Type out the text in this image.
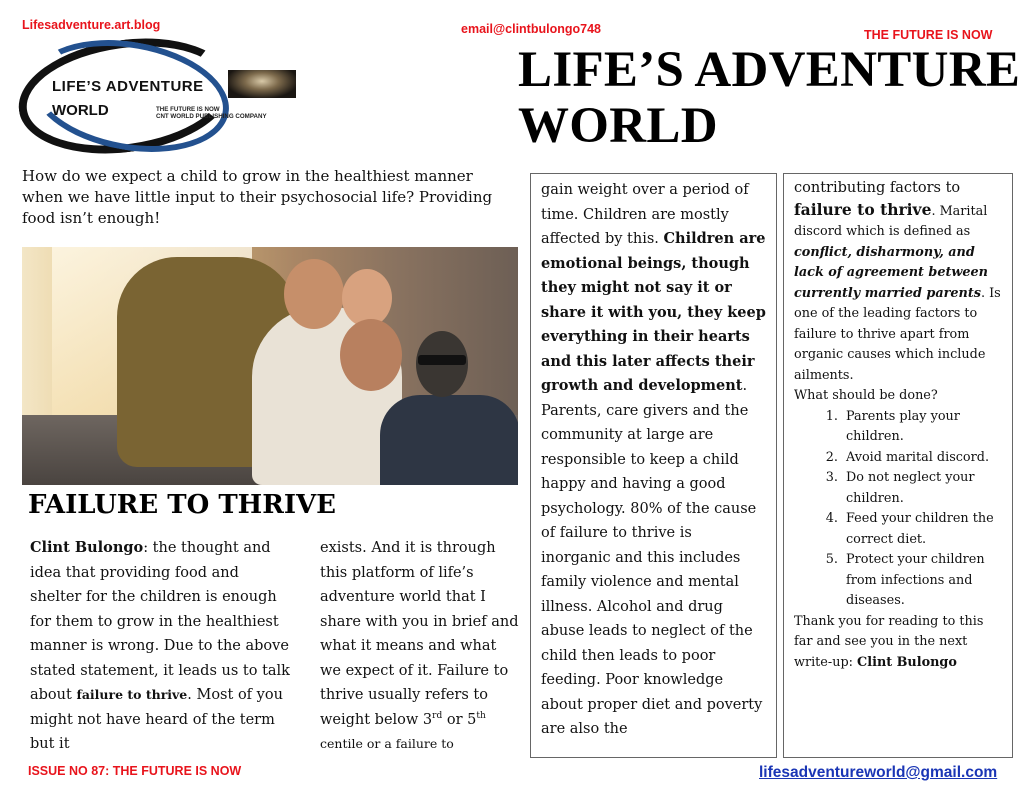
Lifesadventure.art.blog	email@clintbulongo748	THE FUTURE IS NOW
LIFE’S ADVENTURE
WORLD	THE FUTURE IS NOW
CNT WORLD PUBLISHING COMPANY
LIFE’S ADVENTURE
WORLD
How do we expect a child to grow in the healthiest manner when we have little input to their psychosocial life? Providing food isn’t enough!
FAILURE TO THRIVE
Clint Bulongo: the thought and idea that providing food and shelter for the children is enough for them to grow in the healthiest manner is wrong. Due to the above stated statement, it leads us to talk about failure to thrive. Most of you might not have heard of the term but it
exists. And it is through this platform of life’s adventure world that I share with you in brief and what it means and what we expect of it. Failure to thrive usually refers to weight below 3rd or 5th centile or a failure to
gain weight over a period of time. Children are mostly affected by this. Children are emotional beings, though they might not say it or share it with you, they keep everything in their hearts and this later affects their growth and development. Parents, care givers and the community at large are responsible to keep a child happy and having a good psychology. 80% of the cause of failure to thrive is inorganic and this includes family violence and mental illness. Alcohol and drug abuse leads to neglect of the child then leads to poor feeding. Poor knowledge about proper diet and poverty are also the
contributing factors to failure to thrive. Marital discord which is defined as conflict, disharmony, and lack of agreement between currently married parents. Is one of the leading factors to failure to thrive apart from organic causes which include ailments.
What should be done?
1. Parents play your children.
2. Avoid marital discord.
3. Do not neglect your children.
4. Feed your children the correct diet.
5. Protect your children from infections and diseases.
Thank you for reading to this far and see you in the next write-up: Clint Bulongo
ISSUE NO 87: THE FUTURE IS NOW	lifesadventureworld@gmail.com
